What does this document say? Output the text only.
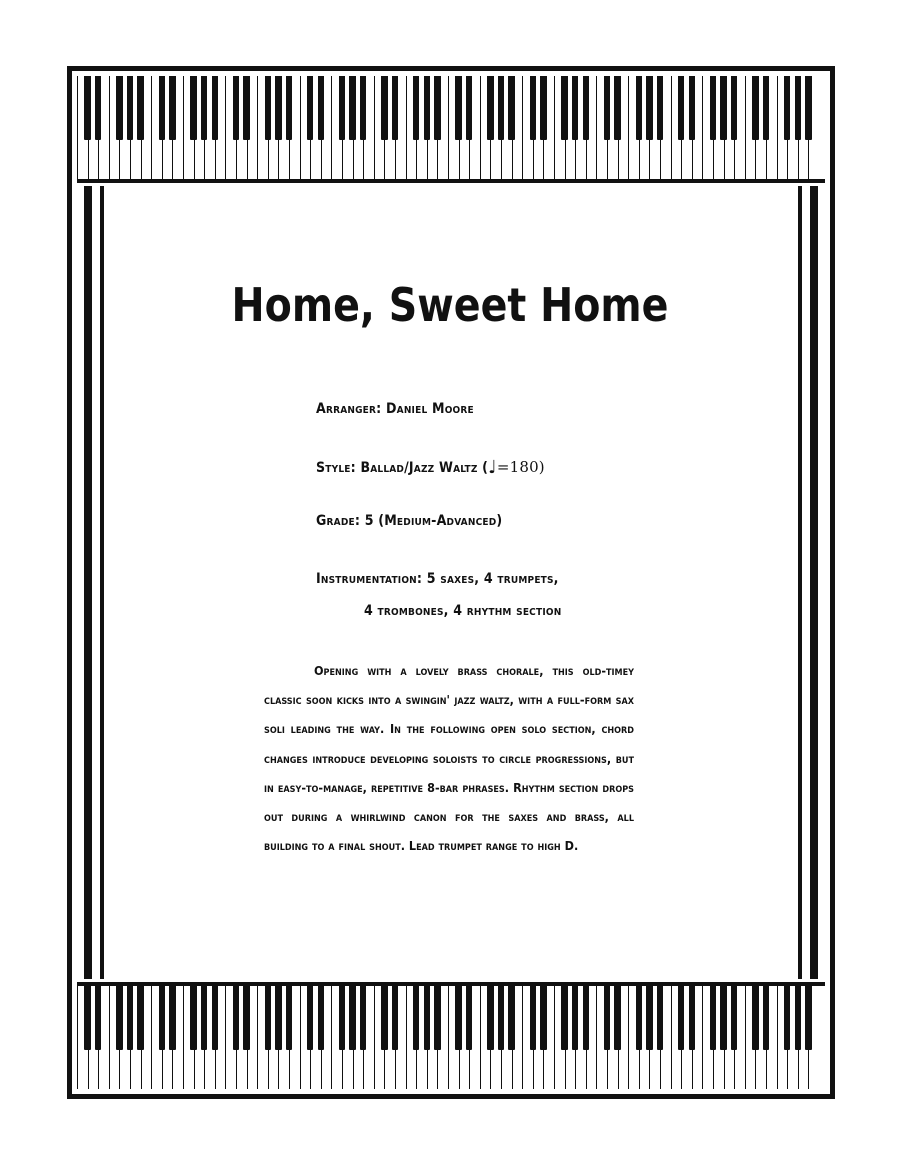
Home, Sweet Home
Arranger: Daniel Moore
Style: Ballad/Jazz Waltz (♩=180)
Grade: 5 (Medium-Advanced)
Instrumentation: 5 saxes, 4 trumpets,
4 trombones, 4 rhythm section

Opening with a lovely brass chorale, this old-timey classic soon kicks into a swingin' jazz waltz, with a full-form sax soli leading the way. In the following open solo section, chord changes introduce developing soloists to circle progressions, but in easy-to-manage, repetitive 8-bar phrases. Rhythm section drops out during a whirlwind canon for the saxes and brass, all building to a final shout. Lead trumpet range to high D.
